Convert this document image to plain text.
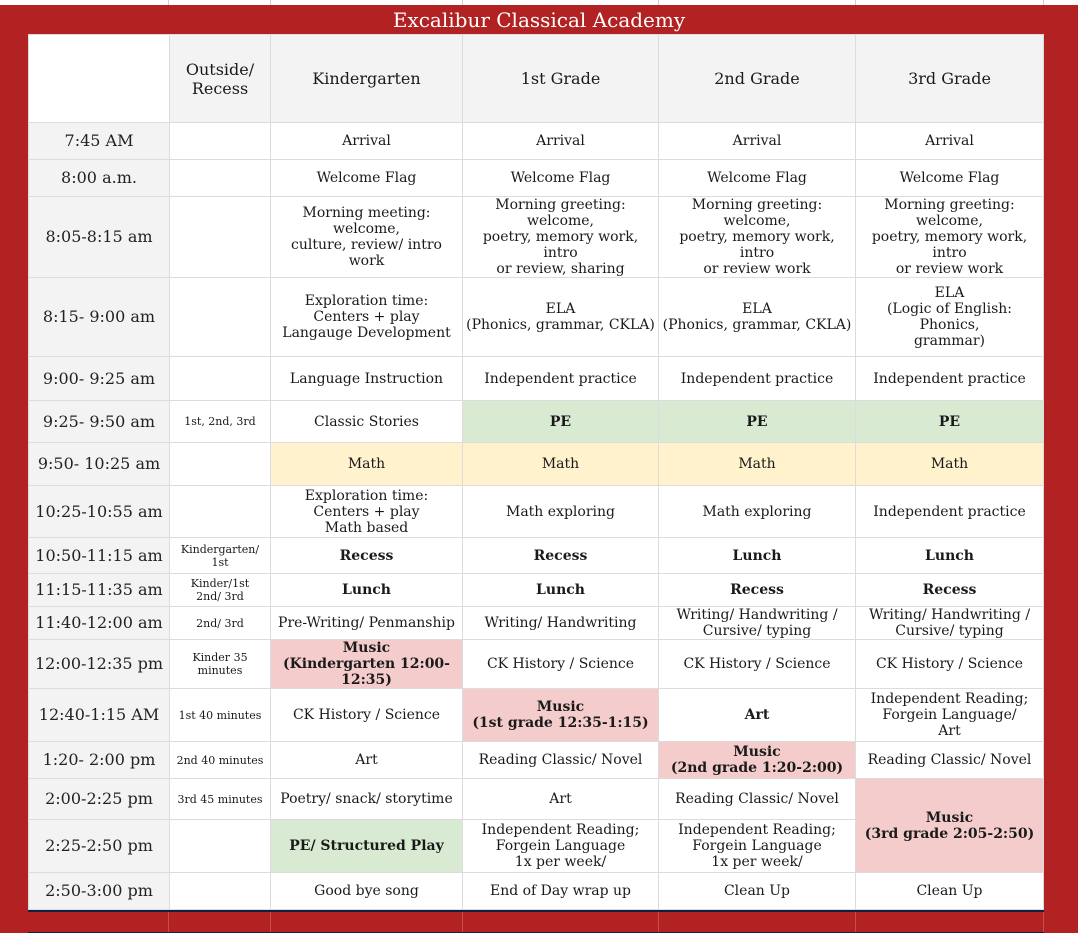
Excalibur Classical Academy
	Outside/
Recess	Kindergarten	1st Grade	2nd Grade	3rd Grade
7:45 AM		Arrival	Arrival	Arrival	Arrival
8:00 a.m.		Welcome Flag	Welcome Flag	Welcome Flag	Welcome Flag
8:05-8:15 am		Morning meeting: welcome,
culture, review/ intro work	Morning greeting: welcome,
poetry, memory work, intro
or review, sharing	Morning greeting: welcome,
poetry, memory work, intro
or review work	Morning greeting: welcome,
poetry, memory work, intro
or review work
8:15- 9:00 am		Exploration time:
Centers + play
Langauge Development	ELA
(Phonics, grammar, CKLA)	ELA
(Phonics, grammar, CKLA)	ELA
(Logic of English: Phonics,
grammar)
9:00- 9:25 am		Language Instruction	Independent practice	Independent practice	Independent practice
9:25- 9:50 am	1st, 2nd, 3rd	Classic Stories	PE	PE	PE
9:50- 10:25 am		Math	Math	Math	Math
10:25-10:55 am		Exploration time:
Centers + play
Math based	Math exploring	Math exploring	Independent practice
10:50-11:15 am	Kindergarten/ 1st	Recess	Recess	Lunch	Lunch
11:15-11:35 am	Kinder/1st
2nd/ 3rd	Lunch	Lunch	Recess	Recess
11:40-12:00 am	2nd/ 3rd	Pre-Writing/ Penmanship	Writing/ Handwriting	Writing/ Handwriting /
Cursive/ typing	Writing/ Handwriting /
Cursive/ typing
12:00-12:35 pm	Kinder 35
minutes	Music
(Kindergarten 12:00-12:35)	CK History / Science	CK History / Science	CK History / Science
12:40-1:15 AM	1st 40 minutes	CK History / Science	Music
(1st grade 12:35-1:15)	Art	Independent Reading;
Forgein Language/
Art
1:20- 2:00 pm	2nd 40 minutes	Art	Reading Classic/ Novel	Music
(2nd grade 1:20-2:00)	Reading Classic/ Novel
2:00-2:25 pm	3rd 45 minutes	Poetry/ snack/ storytime	Art	Reading Classic/ Novel	Music
(3rd grade 2:05-2:50)
2:25-2:50 pm		PE/ Structured Play	Independent Reading;
Forgein Language
1x per week/	Independent Reading;
Forgein Language
1x per week/	
2:50-3:00 pm		Good bye song	End of Day wrap up	Clean Up	Clean Up
